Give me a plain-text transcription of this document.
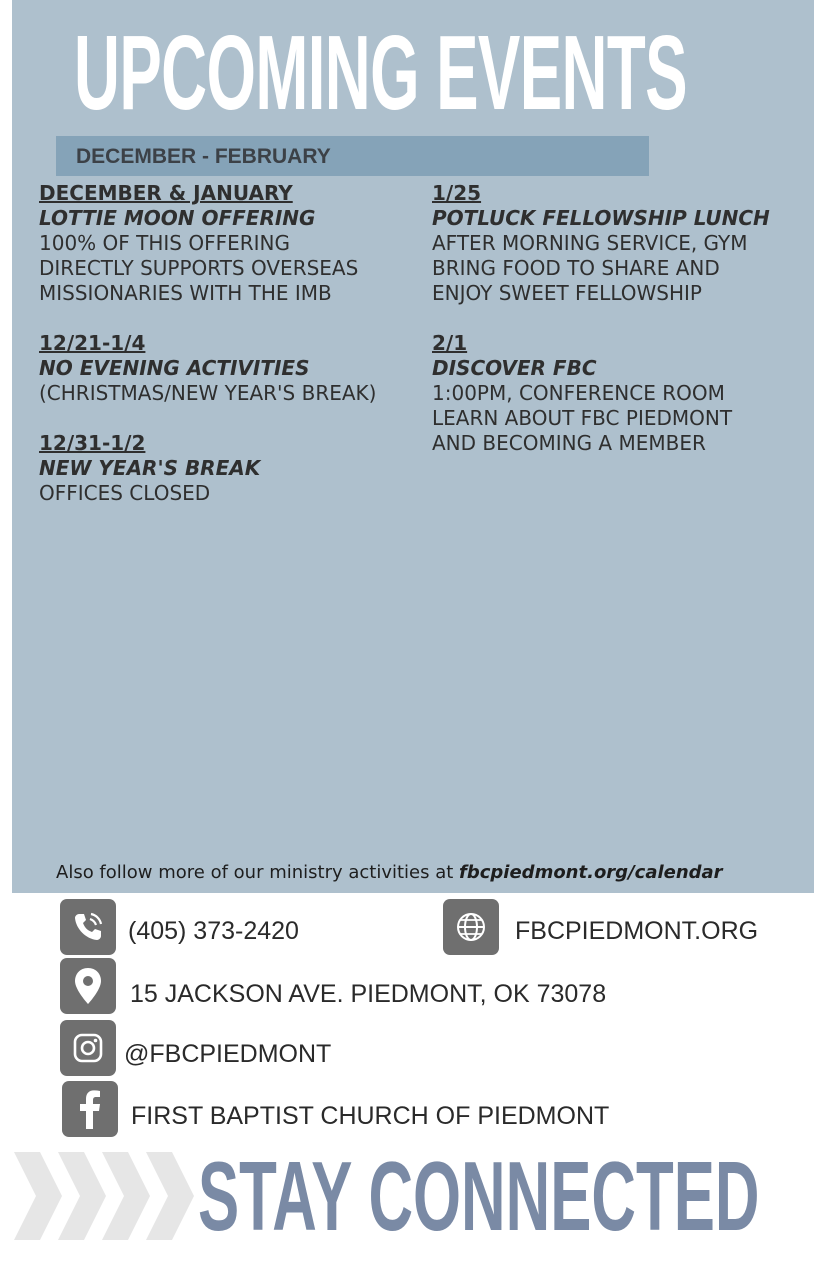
UPCOMING EVENTS
DECEMBER - FEBRUARY
DECEMBER & JANUARY
LOTTIE MOON OFFERING
100% OF THIS OFFERING
DIRECTLY SUPPORTS OVERSEAS
MISSIONARIES WITH THE IMB
12/21-1/4
NO EVENING ACTIVITIES
(CHRISTMAS/NEW YEAR'S BREAK)
12/31-1/2
NEW YEAR'S BREAK
OFFICES CLOSED
1/25
POTLUCK FELLOWSHIP LUNCH
AFTER MORNING SERVICE, GYM
BRING FOOD TO SHARE AND
ENJOY SWEET FELLOWSHIP
2/1
DISCOVER FBC
1:00PM, CONFERENCE ROOM
LEARN ABOUT FBC PIEDMONT
AND BECOMING A MEMBER
Also follow more of our ministry activities at fbcpiedmont.org/calendar
(405) 373-2420	FBCPIEDMONT.ORG
15 JACKSON AVE. PIEDMONT, OK 73078
@FBCPIEDMONT
FIRST BAPTIST CHURCH OF PIEDMONT
STAY CONNECTED
